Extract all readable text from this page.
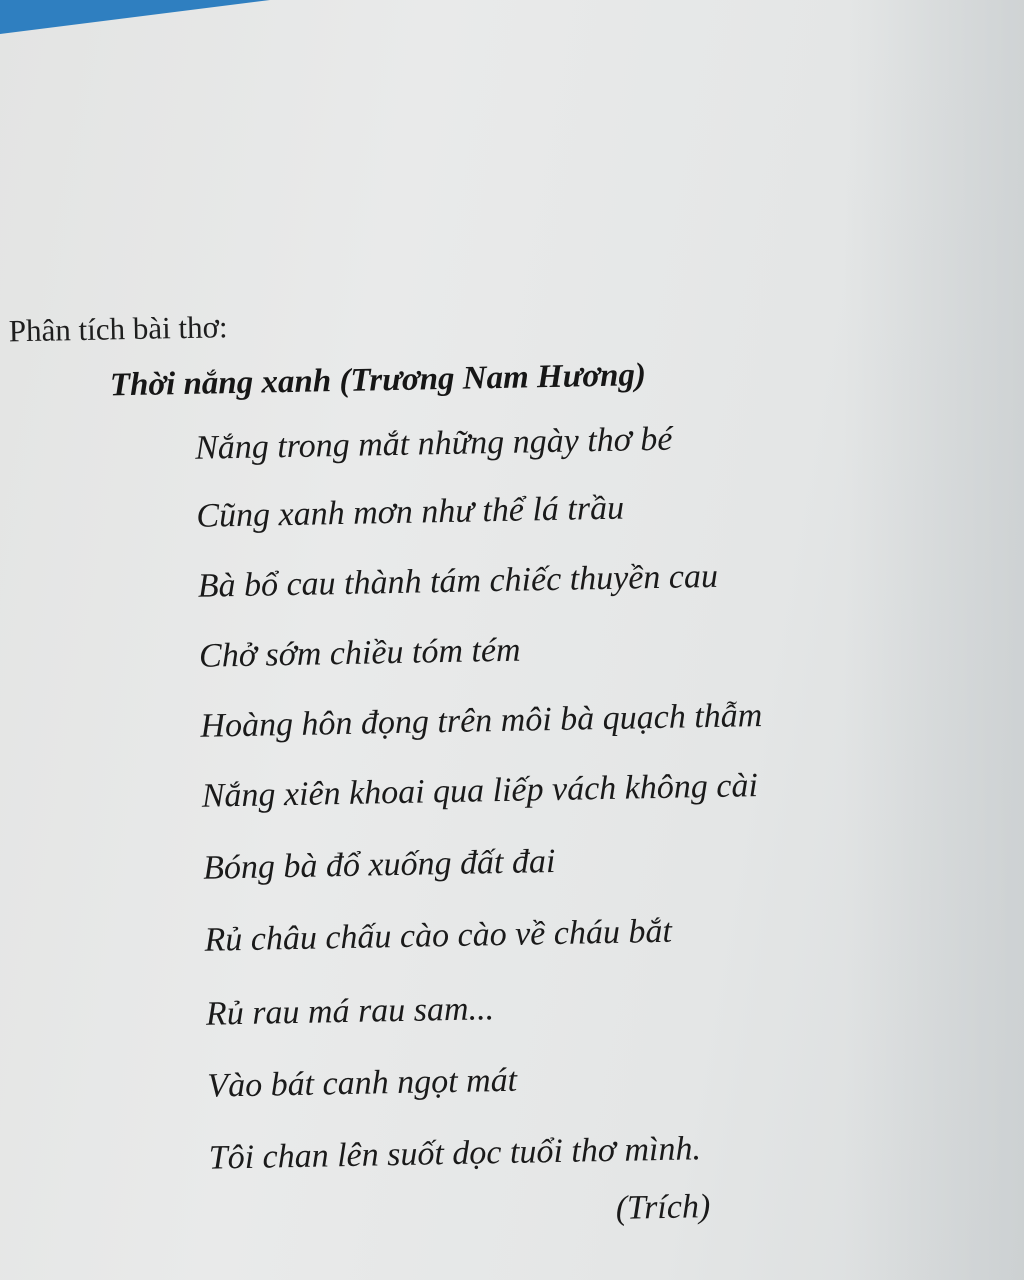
Phân tích bài thơ:
Thời nắng xanh (Trương Nam Hương)
Nắng trong mắt những ngày thơ bé
Cũng xanh mơn như thể lá trầu
Bà bổ cau thành tám chiếc thuyền cau
Chở sớm chiều tóm tém
Hoàng hôn đọng trên môi bà quạch thẫm
Nắng xiên khoai qua liếp vách không cài
Bóng bà đổ xuống đất đai
Rủ châu chấu cào cào về cháu bắt
Rủ rau má rau sam...
Vào bát canh ngọt mát
Tôi chan lên suốt dọc tuổi thơ mình.
(Trích)
